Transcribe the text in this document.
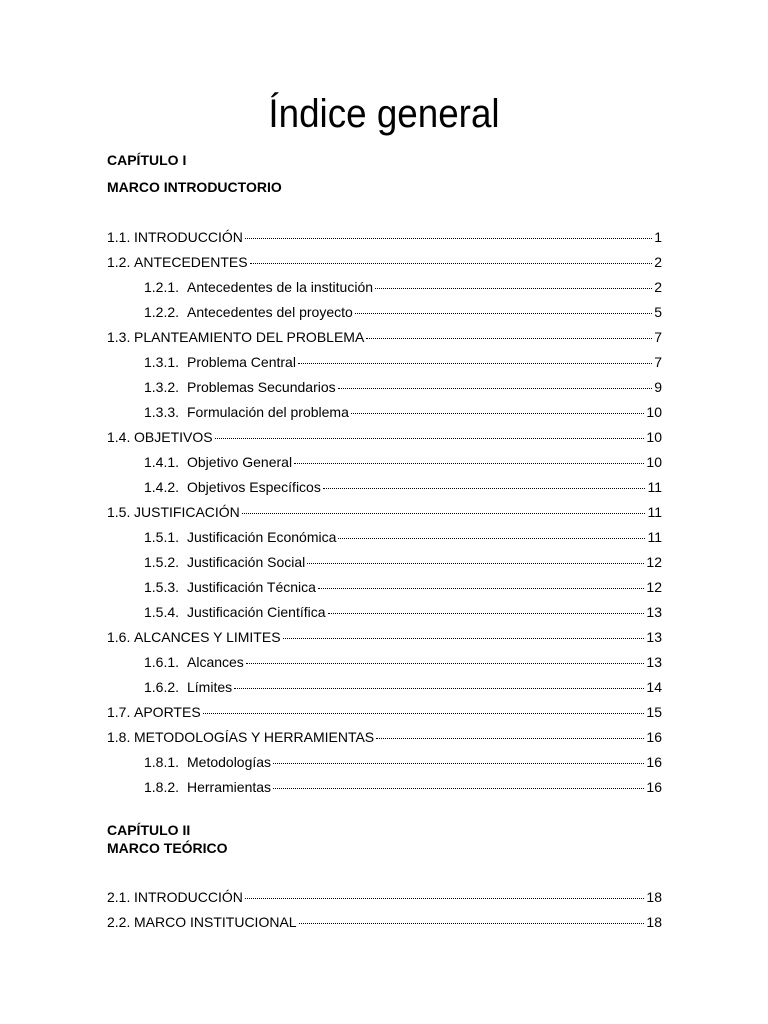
Índice general
CAPÍTULO I
MARCO INTRODUCTORIO
1.1. INTRODUCCIÓN	1
1.2. ANTECEDENTES	2
1.2.1. Antecedentes de la institución	2
1.2.2. Antecedentes del proyecto	5
1.3. PLANTEAMIENTO DEL PROBLEMA	7
1.3.1. Problema Central	7
1.3.2. Problemas Secundarios	9
1.3.3. Formulación del problema	10
1.4. OBJETIVOS	10
1.4.1. Objetivo General	10
1.4.2. Objetivos Específicos	11
1.5. JUSTIFICACIÓN	11
1.5.1. Justificación Económica	11
1.5.2. Justificación Social	12
1.5.3. Justificación Técnica	12
1.5.4. Justificación Científica	13
1.6. ALCANCES Y LIMITES	13
1.6.1. Alcances	13
1.6.2. Límites	14
1.7. APORTES	15
1.8. METODOLOGÍAS Y HERRAMIENTAS	16
1.8.1. Metodologías	16
1.8.2. Herramientas	16
CAPÍTULO II
MARCO TEÓRICO
2.1. INTRODUCCIÓN	18
2.2. MARCO INSTITUCIONAL	18
